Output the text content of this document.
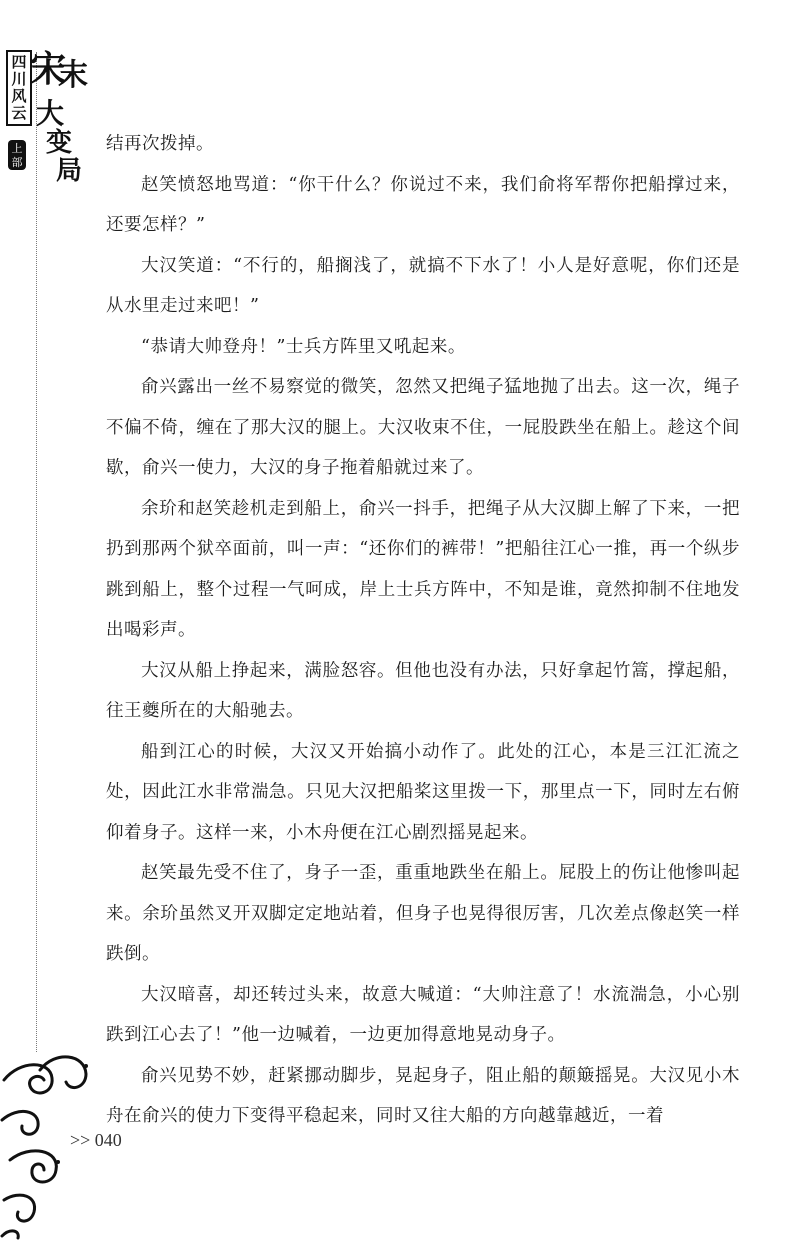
四
川
风
云
宋
末
大
变
局
上部

结再次拨掉。

赵笑愤怒地骂道：“你干什么？你说过不来，我们俞将军帮你把船撑过来，还要怎样？”

大汉笑道：“不行的，船搁浅了，就搞不下水了！小人是好意呢，你们还是从水里走过来吧！”

“恭请大帅登舟！”士兵方阵里又吼起来。

俞兴露出一丝不易察觉的微笑，忽然又把绳子猛地抛了出去。这一次，绳子不偏不倚，缠在了那大汉的腿上。大汉收束不住，一屁股跌坐在船上。趁这个间歇，俞兴一使力，大汉的身子拖着船就过来了。

余玠和赵笑趁机走到船上，俞兴一抖手，把绳子从大汉脚上解了下来，一把扔到那两个狱卒面前，叫一声：“还你们的裤带！”把船往江心一推，再一个纵步跳到船上，整个过程一气呵成，岸上士兵方阵中，不知是谁，竟然抑制不住地发出喝彩声。

大汉从船上挣起来，满脸怒容。但他也没有办法，只好拿起竹篙，撑起船，往王夔所在的大船驰去。

船到江心的时候，大汉又开始搞小动作了。此处的江心，本是三江汇流之处，因此江水非常湍急。只见大汉把船桨这里拨一下，那里点一下，同时左右俯仰着身子。这样一来，小木舟便在江心剧烈摇晃起来。

赵笑最先受不住了，身子一歪，重重地跌坐在船上。屁股上的伤让他惨叫起来。余玠虽然叉开双脚定定地站着，但身子也晃得很厉害，几次差点像赵笑一样跌倒。

大汉暗喜，却还转过头来，故意大喊道：“大帅注意了！水流湍急，小心别跌到江心去了！”他一边喊着，一边更加得意地晃动身子。

俞兴见势不妙，赶紧挪动脚步，晃起身子，阻止船的颠簸摇晃。大汉见小木舟在俞兴的使力下变得平稳起来，同时又往大船的方向越靠越近，一着

>> 040
